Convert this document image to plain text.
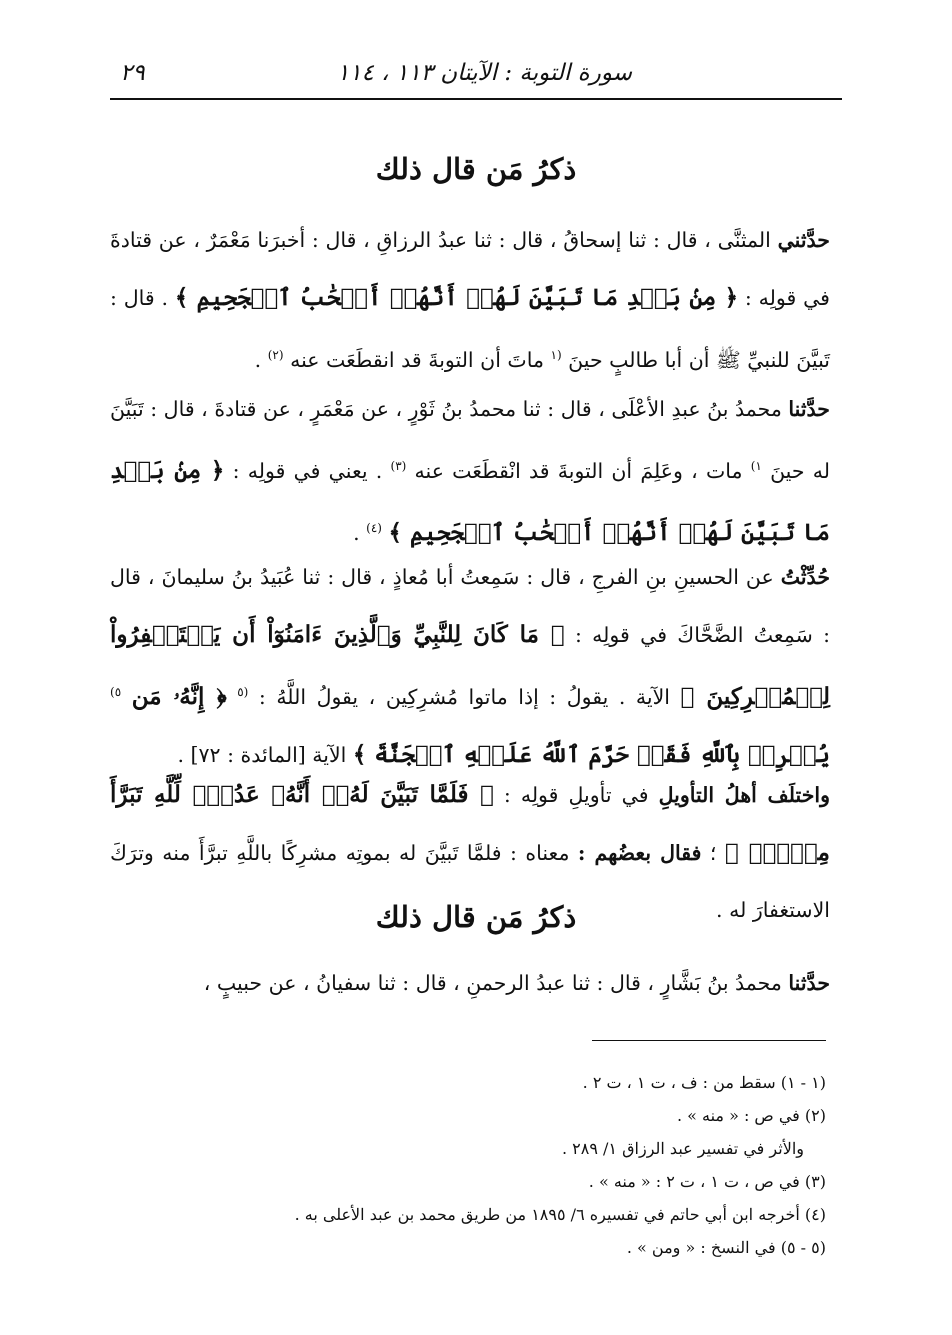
سورة التوبة : الآيتان ١١٣ ، ١١٤
٢٩
ذكرُ مَن قال ذلك
حدَّثني المثنَّى ، قال : ثنا إسحاقُ ، قال : ثنا عبدُ الرزاقِ ، قال : أخبرَنا مَعْمَرٌ ، عن قتادةَ في قولِه : ﴿ مِنۢ بَعۡدِ مَا تَبَيَّنَ لَهُمۡ أَنَّهُمۡ أَصۡحَٰبُ ٱلۡجَحِيمِ ﴾ . قال : تَبيَّنَ للنبيِّ ﷺ أن أبا طالبٍ حينَ $^{(١}$ ماتَ أن التوبةَ قد انقطَعَت عنه $^{(٢)}$ .
حدَّثنا محمدُ بنُ عبدِ الأعْلَى ، قال : ثنا محمدُ بنُ ثَوْرٍ ، عن مَعْمَرٍ ، عن قتادةَ ، قال : تَبَيَّنَ له حينَ $^{١)}$ مات ، وعَلِمَ أن التوبةَ قد انْقطَعَت عنه $^{(٣)}$ . يعني في قولِه : ﴿ مِنۢ بَعۡدِ مَا تَبَيَّنَ لَهُمۡ أَنَّهُمۡ أَصۡحَٰبُ ٱلۡجَحِيمِ ﴾ $^{(٤)}$ .
حُدِّثْتُ عن الحسينِ بنِ الفرجِ ، قال : سَمِعتُ أبا مُعاذٍ ، قال : ثنا عُبَيدُ بنُ سليمانَ ، قال : سَمِعتُ الضَّحَّاكَ في قولِه : ﴿ مَا كَانَ لِلنَّبِيِّ وَٱلَّذِينَ ءَامَنُوٓاْ أَن يَسۡتَغۡفِرُواْ لِلۡمُشۡرِكِينَ ﴾ الآية . يقولُ : إذا ماتوا مُشرِكِين ، يقولُ اللَّهُ : $^{(٥}$ ﴿ إِنَّهُۥ مَن $^{٥)}$ يُشۡرِكۡ بِٱللَّهِ فَقَدۡ حَرَّمَ ٱللَّهُ عَلَيۡهِ ٱلۡجَنَّةَ ﴾ الآية [المائدة : ٧٢] .
واختلَف أهلُ التأويلِ في تأويلِ قولِه : ﴿ فَلَمَّا تَبَيَّنَ لَهُۥٓ أَنَّهُۥ عَدُوّٞ لِّلَّهِ تَبَرَّأَ مِنۡهُۚ ﴾ ؛ فقال بعضُهم : معناه : فلمَّا تَبيَّنَ له بموتِه مشرِكًا باللَّهِ تبرَّأَ منه وترَكَ الاستغفارَ له .
ذكرُ مَن قال ذلك
حدَّثنا محمدُ بنُ بَشَّارٍ ، قال : ثنا عبدُ الرحمنِ ، قال : ثنا سفيانُ ، عن حبيبٍ ،
(١ - ١) سقط من : ف ، ت ١ ، ت ٢ .
(٢) في ص : « منه » .
والأثر في تفسير عبد الرزاق ١/ ٢٨٩ .
(٣) في ص ، ت ١ ، ت ٢ : « منه » .
(٤) أخرجه ابن أبي حاتم في تفسيره ٦/ ١٨٩٥ من طريق محمد بن عبد الأعلى به .
(٥ - ٥) في النسخ : « ومن » .
